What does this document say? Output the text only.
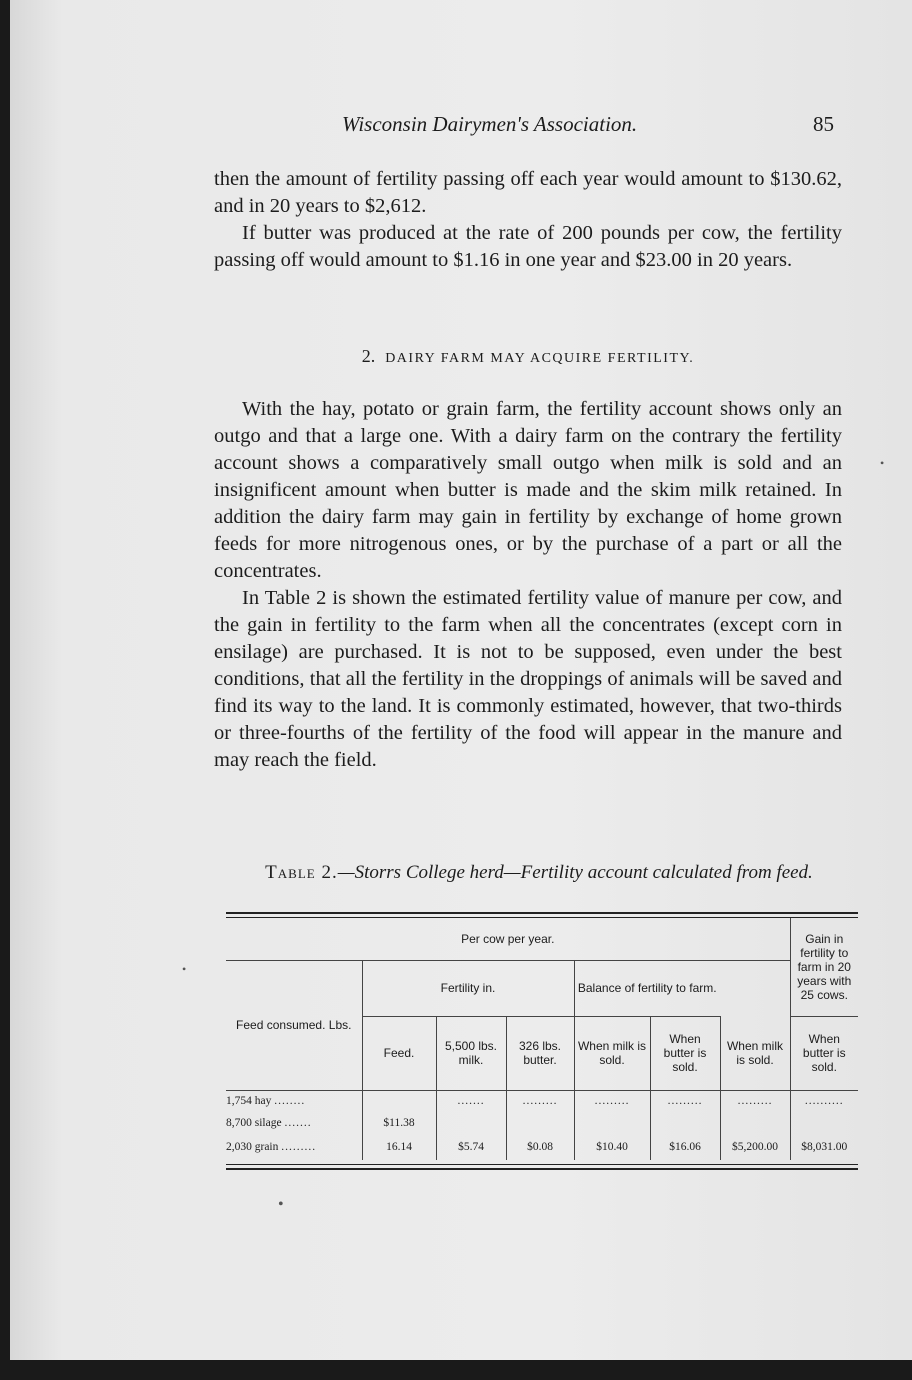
Wisconsin Dairymen's Association.	85

then the amount of fertility passing off each year would amount to $130.62, and in 20 years to $2,612.

If butter was produced at the rate of 200 pounds per cow, the fertility passing off would amount to $1.16 in one year and $23.00 in 20 years.

2. DAIRY FARM MAY ACQUIRE FERTILITY.

With the hay, potato or grain farm, the fertility account shows only an outgo and that a large one. With a dairy farm on the contrary the fertility account shows a comparatively small outgo when milk is sold and an insignificent amount when butter is made and the skim milk retained. In addition the dairy farm may gain in fertility by exchange of home grown feeds for more nitrogenous ones, or by the purchase of a part or all the concentrates.

In Table 2 is shown the estimated fertility value of manure per cow, and the gain in fertility to the farm when all the concentrates (except corn in ensilage) are purchased. It is not to be supposed, even under the best conditions, that all the fertility in the droppings of animals will be saved and find its way to the land. It is commonly estimated, however, that two-thirds or three-fourths of the fertility of the food will appear in the manure and may reach the field.

Table 2.—Storrs College herd—Fertility account calculated from feed.
Per cow per year.							Gain in fertility to farm in 20 years with 25 cows.
Feed consumed. Lbs.	Fertility in.			Balance of fertility to farm.			
	Feed.	5,500 lbs. milk.	326 lbs. butter.	When milk is sold.	When butter is sold.	When milk is sold.	When butter is sold.
1,754 hay ........		.......	.........	.........	.........	.........	..........
8,700 silage .......	$11.38						
2,030 grain .........	16.14	$5.74	$0.08	$10.40	$16.06	$5,200.00	$8,031.00
•
•
•
